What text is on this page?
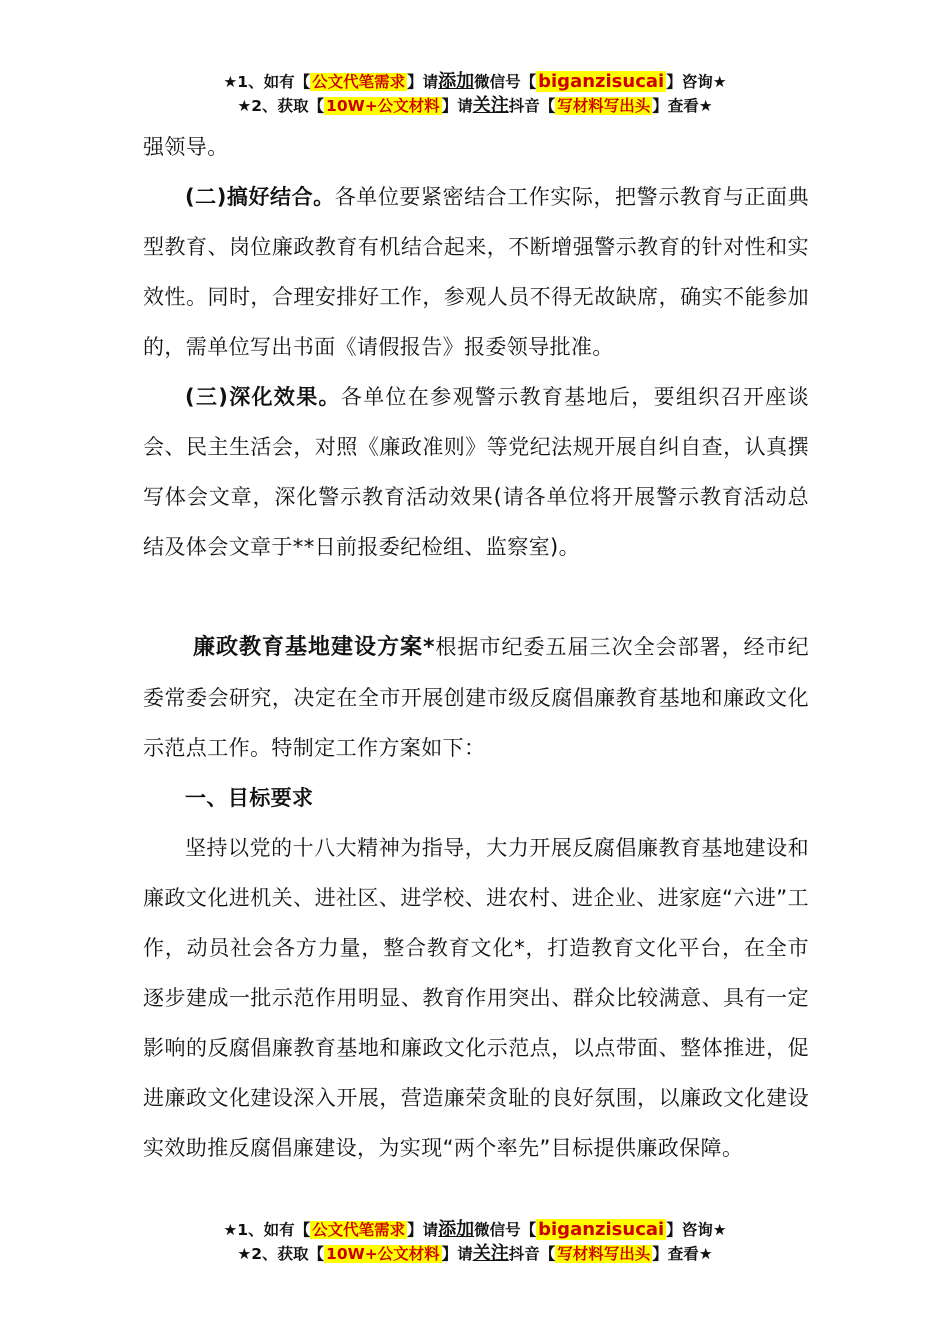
★1、如有【 公文代笔需求 】请添加微信号【 biganzisucai 】咨询★
★2、获取【 10W+公文材料 】请关注抖音【 写材料写出头 】查看★

强领导。

(二)搞好结合。各单位要紧密结合工作实际，把警示教育与正面典型教育、岗位廉政教育有机结合起来，不断增强警示教育的针对性和实效性。同时，合理安排好工作，参观人员不得无故缺席，确实不能参加的，需单位写出书面《请假报告》报委领导批准。

(三)深化效果。各单位在参观警示教育基地后，要组织召开座谈会、民主生活会，对照《廉政准则》等党纪法规开展自纠自查，认真撰写体会文章，深化警示教育活动效果(请各单位将开展警示教育活动总结及体会文章于**日前报委纪检组、监察室)。

廉政教育基地建设方案*根据市纪委五届三次全会部署，经市纪委常委会研究，决定在全市开展创建市级反腐倡廉教育基地和廉政文化示范点工作。特制定工作方案如下：

一、目标要求

坚持以党的十八大精神为指导，大力开展反腐倡廉教育基地建设和廉政文化进机关、进社区、进学校、进农村、进企业、进家庭“六进”工作，动员社会各方力量，整合教育文化*，打造教育文化平台，在全市逐步建成一批示范作用明显、教育作用突出、群众比较满意、具有一定影响的反腐倡廉教育基地和廉政文化示范点，以点带面、整体推进，促进廉政文化建设深入开展，营造廉荣贪耻的良好氛围，以廉政文化建设实效助推反腐倡廉建设，为实现“两个率先”目标提供廉政保障。

★1、如有【 公文代笔需求 】请添加微信号【 biganzisucai 】咨询★
★2、获取【 10W+公文材料 】请关注抖音【 写材料写出头 】查看★
